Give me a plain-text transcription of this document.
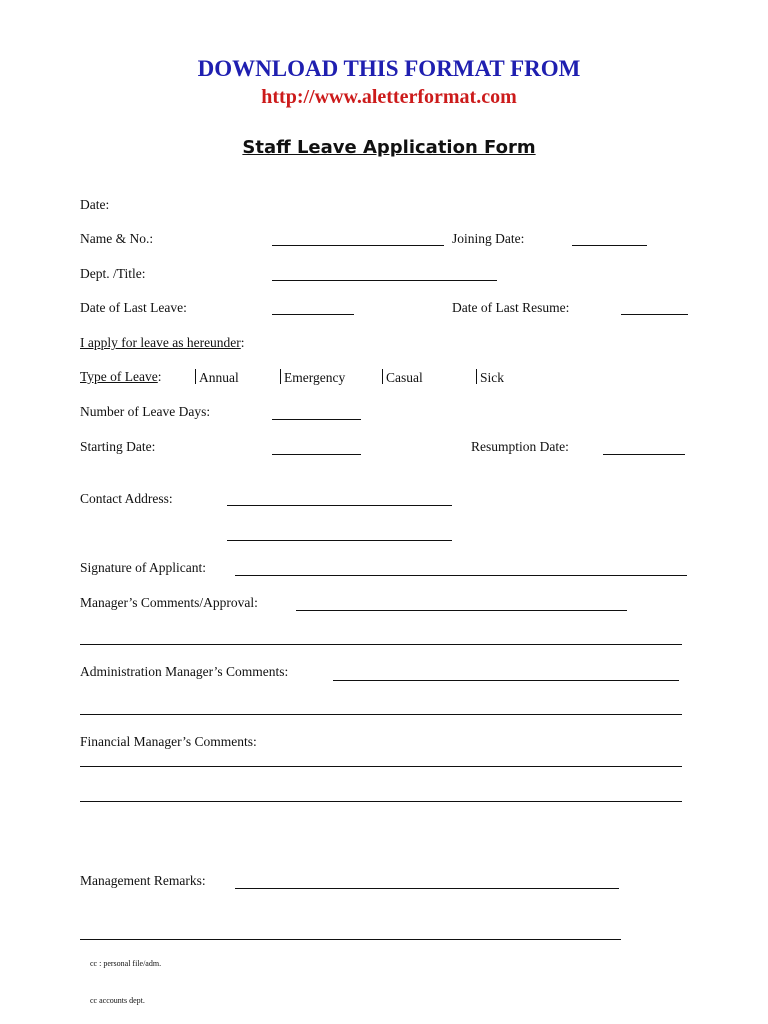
DOWNLOAD THIS FORMAT FROM
http://www.aletterformat.com
Staff Leave Application Form
Date:
Name & No.:	Joining Date:
Dept. /Title:
Date of Last Leave:	Date of Last Resume:
I apply for leave as hereunder:
Type of Leave:	Annual	Emergency	Casual	Sick
Number of Leave Days:
Starting Date:	Resumption Date:
Contact Address:
Signature of Applicant:
Manager’s Comments/Approval:
Administration Manager’s Comments:
Financial Manager’s Comments:
Management Remarks:
cc : personal file/adm.
cc accounts dept.
